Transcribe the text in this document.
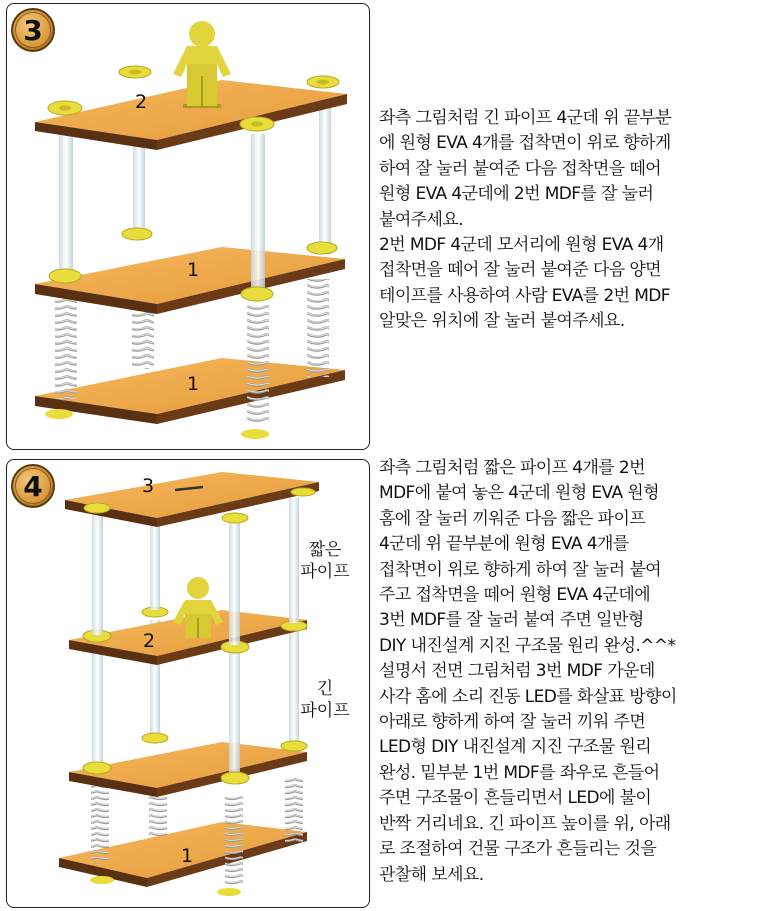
3
2
1
1
좌측 그림처럼 긴 파이프 4군데 위 끝부분
에 원형 EVA 4개를 접착면이 위로 향하게
하여 잘 눌러 붙여준 다음 접착면을 떼어
원형 EVA 4군데에 2번 MDF를 잘 눌러
붙여주세요.
2번 MDF 4군데 모서리에 원형 EVA 4개
접착면을 떼어 잘 눌러 붙여준 다음 양면
테이프를 사용하여 사람 EVA를 2번 MDF
알맞은 위치에 잘 눌러 붙여주세요.
4	3
2
1
짧은
파이프
긴
파이프
좌측 그림처럼 짧은 파이프 4개를 2번
MDF에 붙여 놓은 4군데 원형 EVA 원형
홈에 잘 눌러 끼워준 다음 짧은 파이프
4군데 위 끝부분에 원형 EVA 4개를
접착면이 위로 향하게 하여 잘 눌러 붙여
주고 접착면을 떼어 원형 EVA 4군데에
3번 MDF를 잘 눌러 붙여 주면 일반형
DIY 내진설계 지진 구조물 원리 완성.^^*
설명서 전면 그림처럼 3번 MDF 가운데
사각 홈에 소리 진동 LED를 화살표 방향이
아래로 향하게 하여 잘 눌러 끼워 주면
LED형 DIY 내진설계 지진 구조물 원리
완성. 밑부분 1번 MDF를 좌우로 흔들어
주면 구조물이 흔들리면서 LED에 불이
반짝 거리네요. 긴 파이프 높이를 위, 아래
로 조절하여 건물 구조가 흔들리는 것을
관찰해 보세요.
